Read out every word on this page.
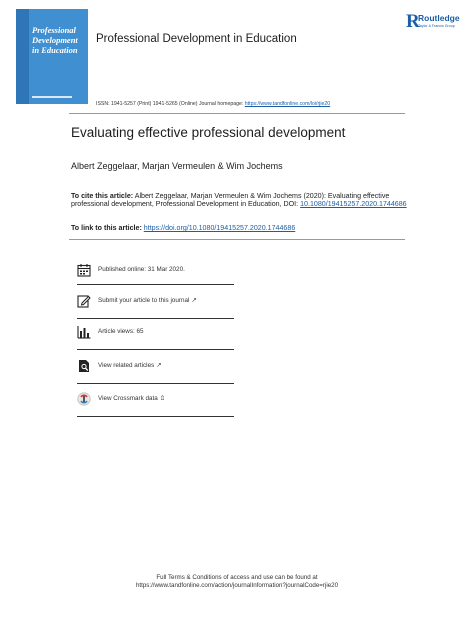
Professional Development in Education
Professional Development in Education
R
Routledge
Taylor & Francis Group
ISSN: 1941-5257 (Print) 1941-5265 (Online) Journal homepage: https://www.tandfonline.com/loi/rjie20
Evaluating effective professional development
Albert Zeggelaar, Marjan Vermeulen & Wim Jochems
To cite this article: Albert Zeggelaar, Marjan Vermeulen & Wim Jochems (2020): Evaluating effective professional development, Professional Development in Education, DOI: 10.1080/19415257.2020.1744686
To link to this article: https://doi.org/10.1080/19415257.2020.1744686
Published online: 31 Mar 2020.
Submit your article to this journal ↗
Article views: 65
View related articles ↗
View Crossmark data ⇬
Full Terms & Conditions of access and use can be found at
https://www.tandfonline.com/action/journalInformation?journalCode=rjie20
